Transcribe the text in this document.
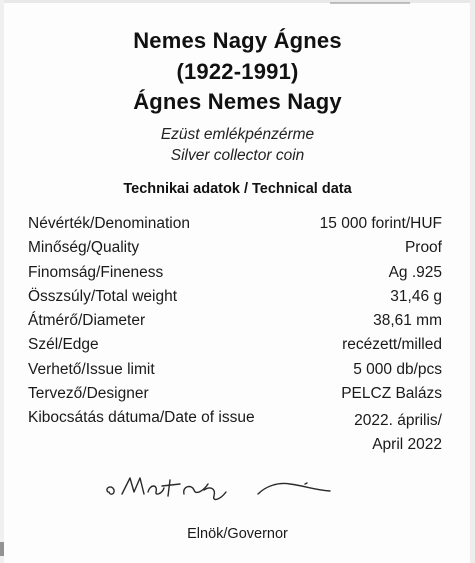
Nemes Nagy Ágnes
(1922-1991)
Ágnes Nemes Nagy
Ezüst emlékpénzérme
Silver collector coin
Technikai adatok / Technical data
Névérték/Denomination	15 000 forint/HUF
Minőség/Quality	Proof
Finomság/Fineness	Ag .925
Összsúly/Total weight	31,46 g
Átmérő/Diameter	38,61 mm
Szél/Edge	recézett/milled
Verhető/Issue limit	5 000 db/pcs
Tervező/Designer	PELCZ Balázs
Kibocsátás dátuma/Date of issue	2022. április/
April 2022
Elnök/Governor
